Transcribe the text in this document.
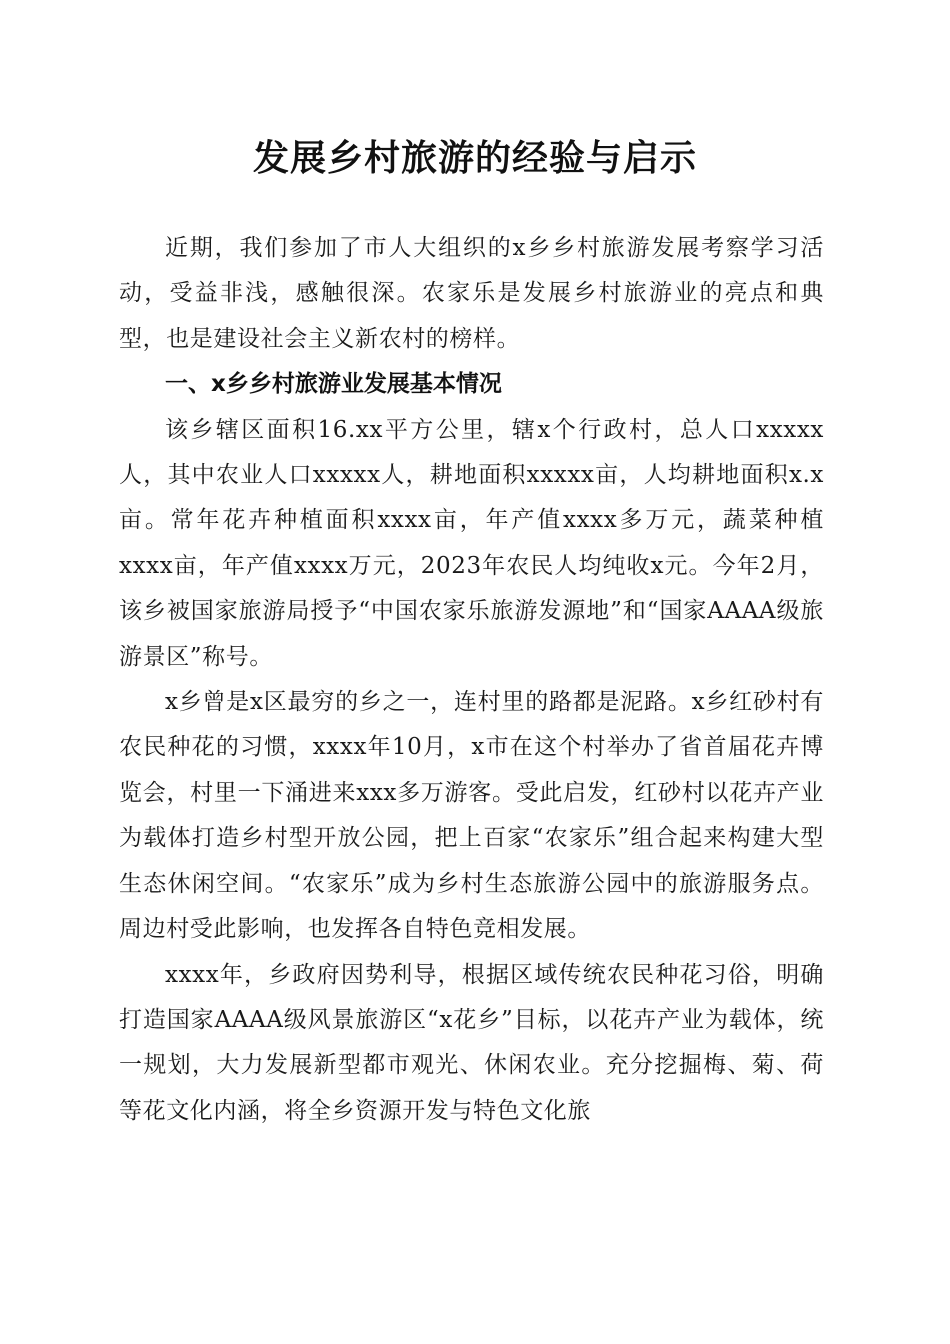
发展乡村旅游的经验与启示

近期，我们参加了市人大组织的x乡乡村旅游发展考察学习活动，受益非浅，感触很深。农家乐是发展乡村旅游业的亮点和典型，也是建设社会主义新农村的榜样。

一、x乡乡村旅游业发展基本情况

该乡辖区面积16.xx平方公里，辖x个行政村，总人口xxxxx人，其中农业人口xxxxx人，耕地面积xxxxx亩，人均耕地面积x.x亩。常年花卉种植面积xxxx亩，年产值xxxx多万元，蔬菜种植xxxx亩，年产值xxxx万元，2023年农民人均纯收x元。今年2月，该乡被国家旅游局授予“中国农家乐旅游发源地”和“国家AAAA级旅游景区”称号。

x乡曾是x区最穷的乡之一，连村里的路都是泥路。x乡红砂村有农民种花的习惯，xxxx年10月，x市在这个村举办了省首届花卉博览会，村里一下涌进来xxx多万游客。受此启发，红砂村以花卉产业为载体打造乡村型开放公园，把上百家“农家乐”组合起来构建大型生态休闲空间。“农家乐”成为乡村生态旅游公园中的旅游服务点。周边村受此影响，也发挥各自特色竞相发展。

xxxx年，乡政府因势利导，根据区域传统农民种花习俗，明确打造国家AAAA级风景旅游区“x花乡”目标，以花卉产业为载体，统一规划，大力发展新型都市观光、休闲农业。充分挖掘梅、菊、荷等花文化内涵，将全乡资源开发与特色文化旅
